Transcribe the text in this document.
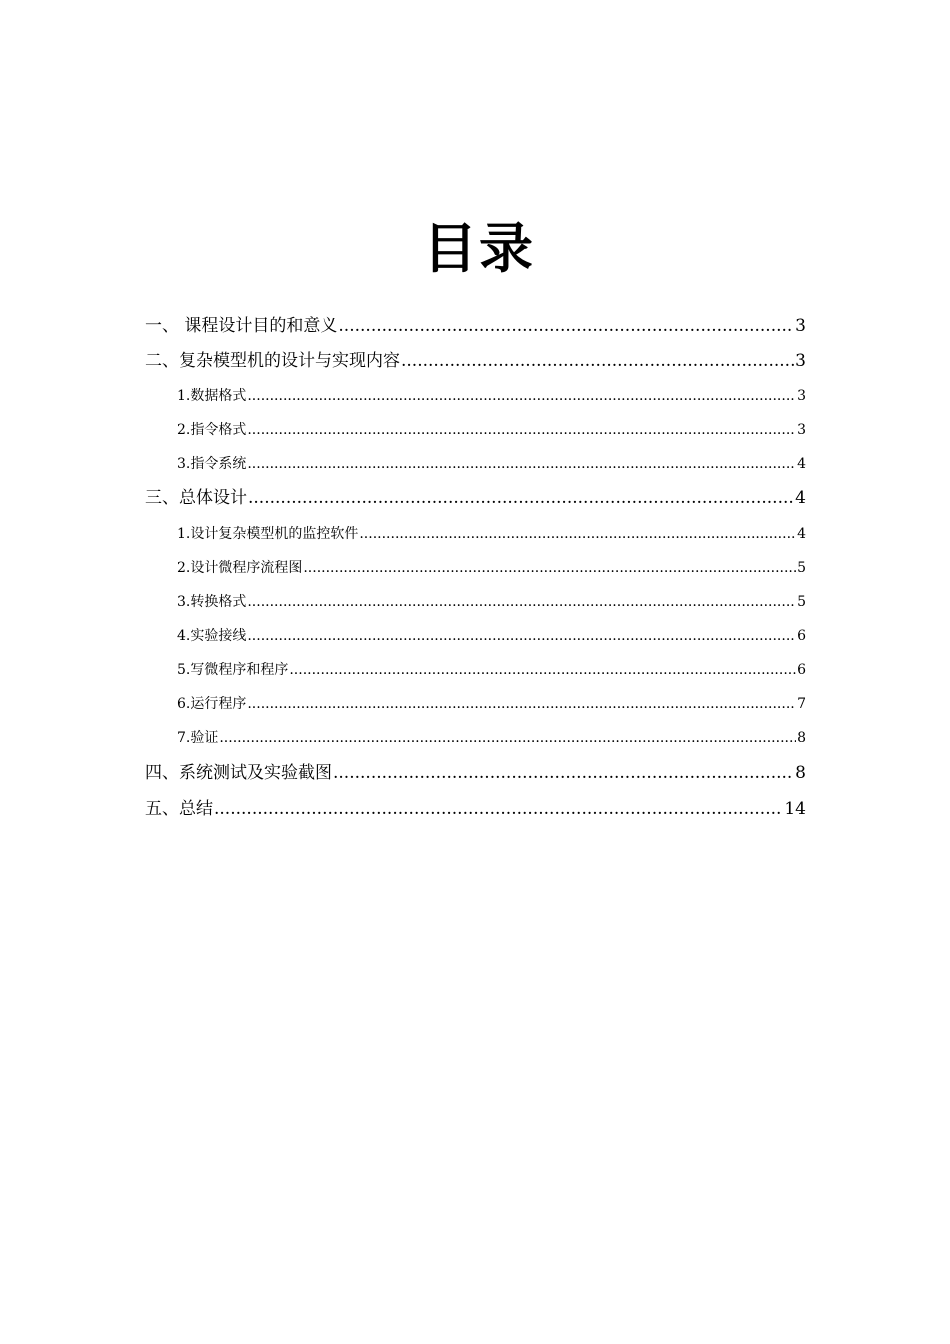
目录
一、 课程设计目的和意义 .....	3
二、复杂模型机的设计与实现内容 .....	3
1.数据格式 .....	3
2.指令格式 .....	3
3.指令系统 .....	4
三、总体设计 .....	4
1.设计复杂模型机的监控软件 .....	4
2.设计微程序流程图 .....	5
3.转换格式 .....	5
4.实验接线 .....	6
5.写微程序和程序 .....	6
6.运行程序 .....	7
7.验证 .....	8
四、系统测试及实验截图 .....	8
五、总结 .....	14
